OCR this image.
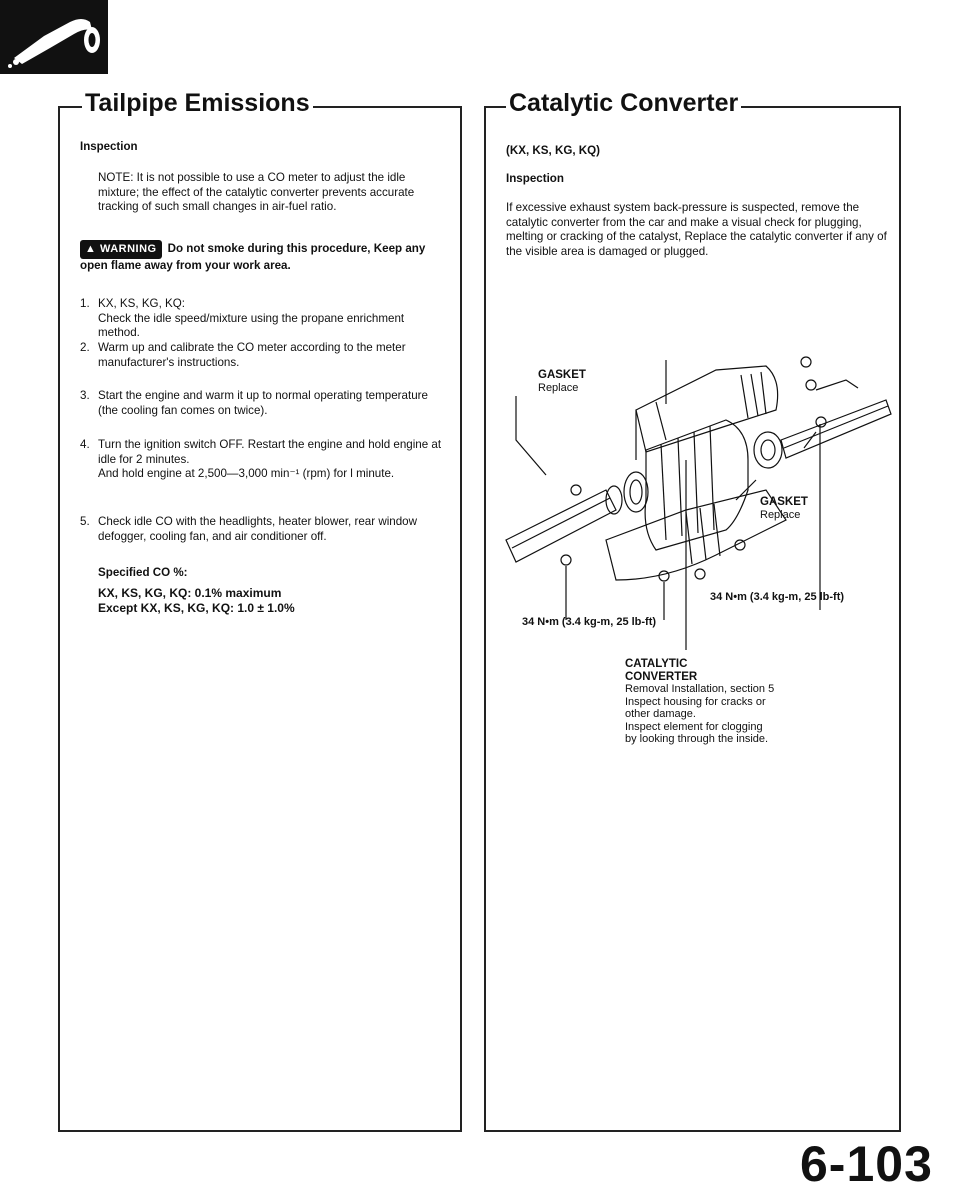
Tailpipe Emissions
Inspection
NOTE: It is not possible to use a CO meter to adjust the idle mixture; the effect of the catalytic converter prevents accurate tracking of such small changes in air-fuel ratio.
▲ WARNING Do not smoke during this procedure, Keep any open flame away from your work area.
1. KX, KS, KG, KQ:
Check the idle speed/mixture using the propane enrichment method.
2. Warm up and calibrate the CO meter according to the meter manufacturer's instructions.
3. Start the engine and warm it up to normal operating temperature (the cooling fan comes on twice).
4. Turn the ignition switch OFF. Restart the engine and hold engine at idle for 2 minutes.
And hold engine at 2,500—3,000 min⁻¹ (rpm) for l minute.
5. Check idle CO with the headlights, heater blower, rear window defogger, cooling fan, and air conditioner off.
Specified CO %:
KX, KS, KG, KQ: 0.1% maximum
Except KX, KS, KG, KQ: 1.0 ± 1.0%
Catalytic Converter
(KX, KS, KG, KQ)
Inspection
If excessive exhaust system back-pressure is suspected, remove the catalytic converter from the car and make a visual check for plugging, melting or cracking of the catalyst, Replace the catalytic converter if any of the visible area is damaged or plugged.
GASKET
Replace
GASKET
Replace
34 N•m (3.4 kg-m, 25 lb-ft)
34 N•m (3.4 kg-m, 25 lb-ft)
CATALYTIC
CONVERTER
Removal Installation, section 5
Inspect housing for cracks or
other damage.
Inspect element for clogging
by looking through the inside.
6-103
